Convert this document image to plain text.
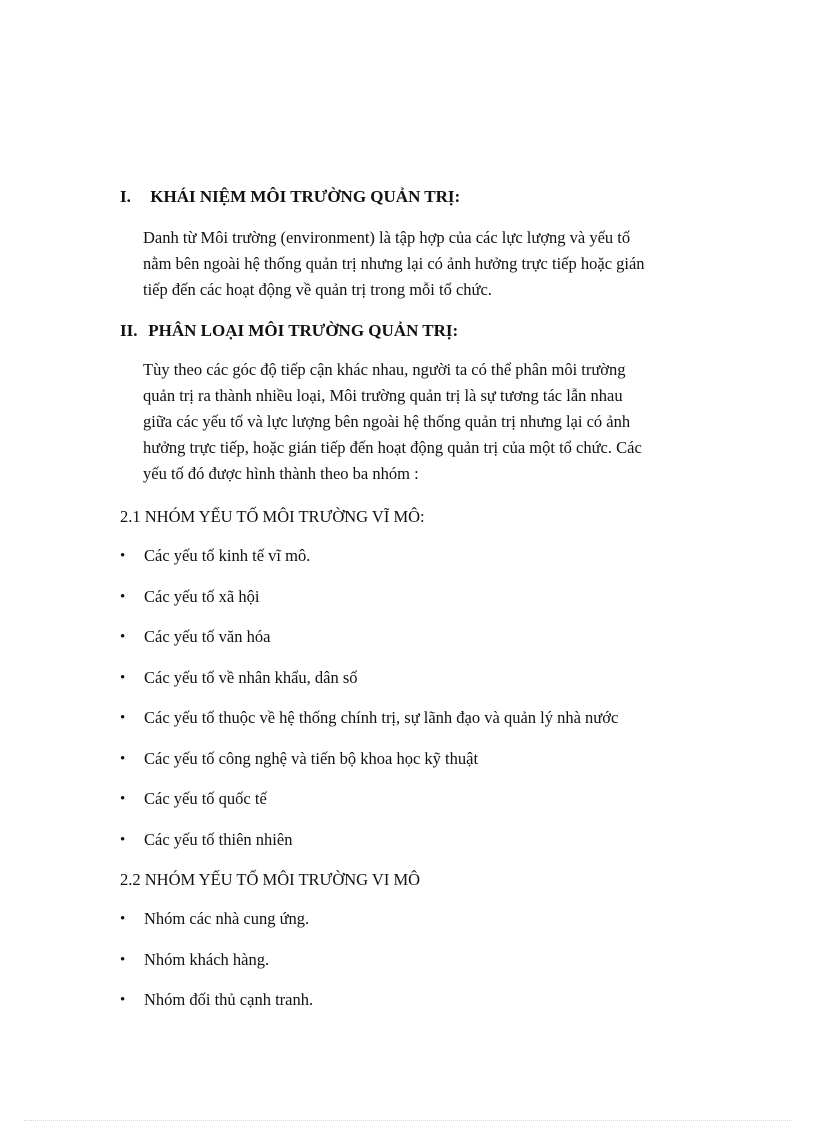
I. KHÁI NIỆM MÔI TRƯỜNG QUẢN TRỊ:
Danh từ Môi trường (environment) là tập hợp của các lực lượng và yếu tố
nằm bên ngoài hệ thống quản trị nhưng lại có ảnh hưởng trực tiếp hoặc gián
tiếp đến các hoạt động về quản trị trong mỗi tổ chức.
II. PHÂN LOẠI MÔI TRƯỜNG QUẢN TRỊ:
Tùy theo các góc độ tiếp cận khác nhau, người ta có thể phân môi trường
quản trị ra thành nhiều loại, Môi trường quản trị là sự tương tác lẫn nhau
giữa các yếu tố và lực lượng bên ngoài hệ thống quản trị nhưng lại có ảnh
hưởng trực tiếp, hoặc gián tiếp đến hoạt động quản trị của một tổ chức. Các
yếu tố đó được hình thành theo ba nhóm :
2.1 NHÓM YẾU TỐ MÔI TRƯỜNG VĨ MÔ:
•	Các yếu tố kinh tế vĩ mô.
•	Các yếu tố xã hội
•	Các yếu tố văn hóa
•	Các yếu tố về nhân khẩu, dân số
•	Các yếu tố thuộc về hệ thống chính trị, sự lãnh đạo và quản lý nhà nước
•	Các yếu tố công nghệ và tiến bộ khoa học kỹ thuật
•	Các yếu tố quốc tế
•	Các yếu tố thiên nhiên
2.2 NHÓM YẾU TỐ MÔI TRƯỜNG VI MÔ
•	Nhóm các nhà cung ứng.
•	Nhóm khách hàng.
•	Nhóm đối thủ cạnh tranh.
